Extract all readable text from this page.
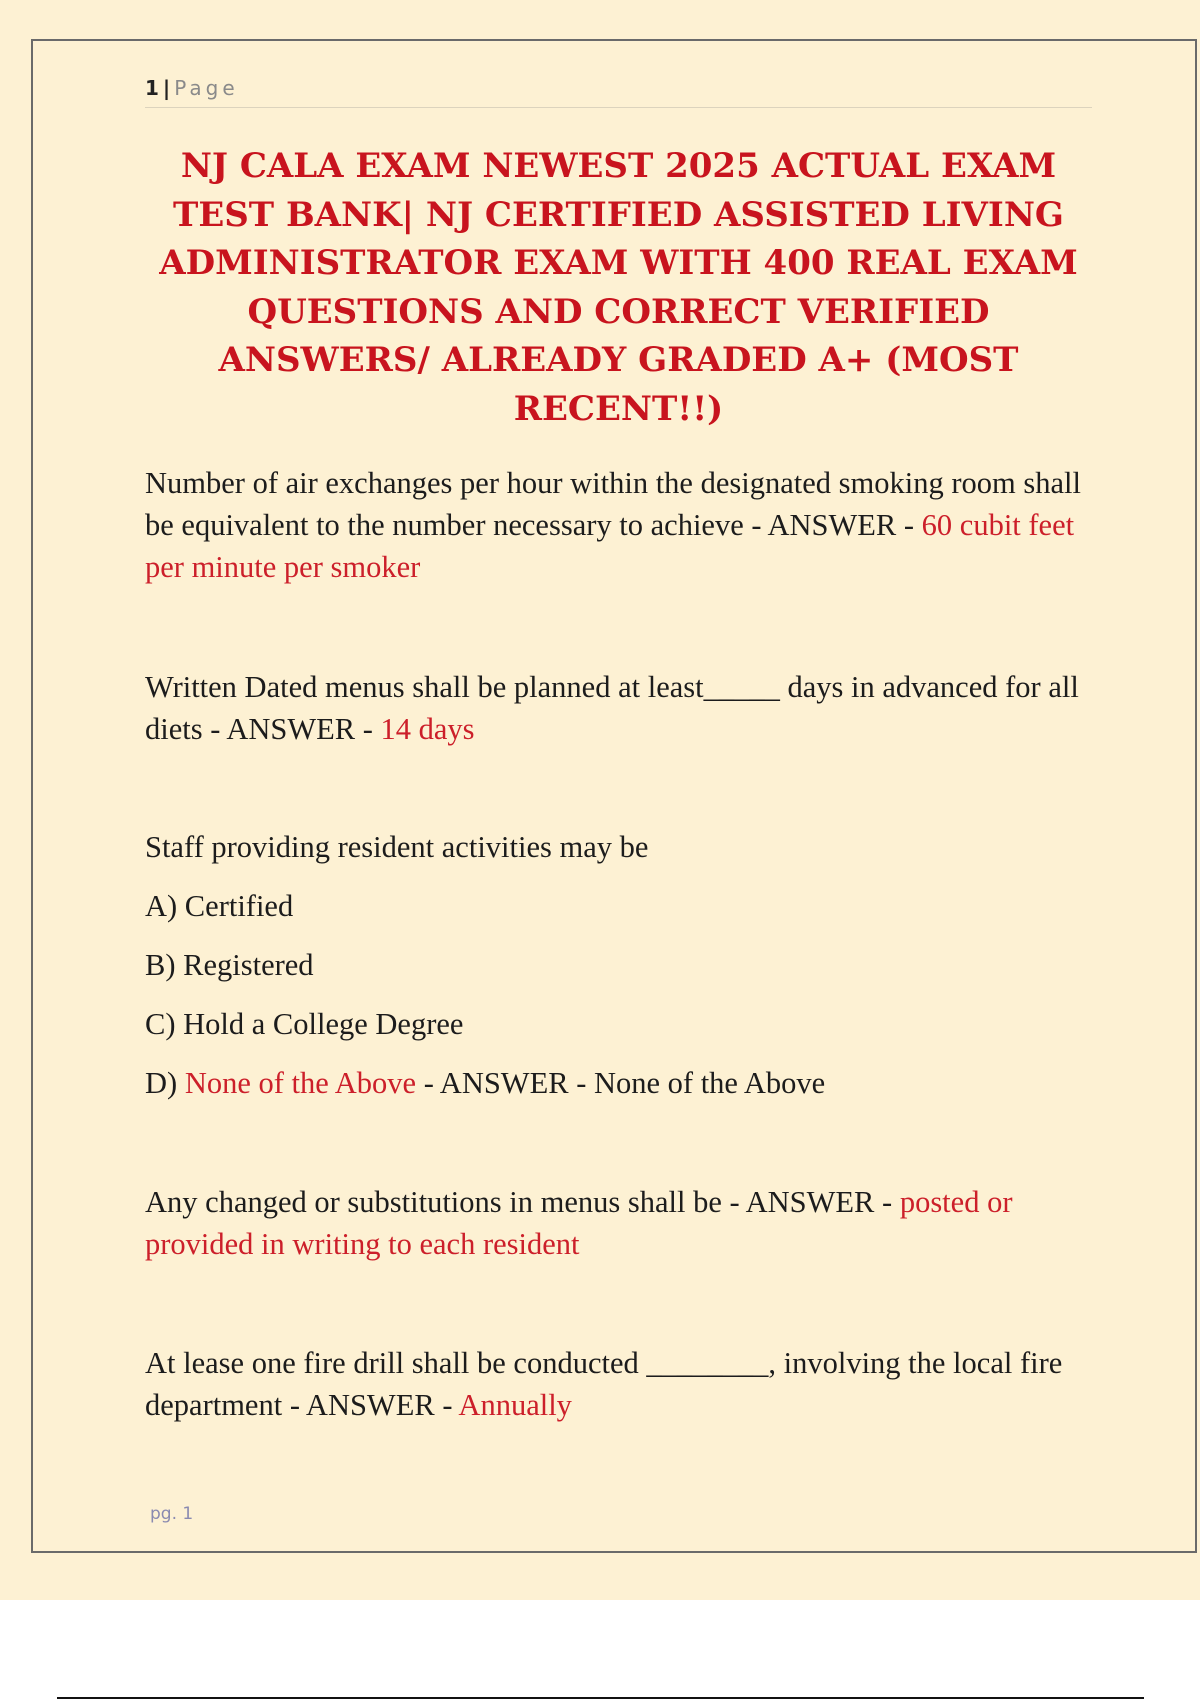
1 | Page
NJ CALA EXAM NEWEST 2025 ACTUAL EXAM TEST BANK| NJ CERTIFIED ASSISTED LIVING ADMINISTRATOR EXAM WITH 400 REAL EXAM QUESTIONS AND CORRECT VERIFIED ANSWERS/ ALREADY GRADED A+ (MOST RECENT!!)

Number of air exchanges per hour within the designated smoking room shall be equivalent to the number necessary to achieve - ANSWER - 60 cubit feet per minute per smoker

Written Dated menus shall be planned at least_____ days in advanced for all diets - ANSWER - 14 days

Staff providing resident activities may be
A) Certified
B) Registered
C) Hold a College Degree
D) None of the Above - ANSWER - None of the Above

Any changed or substitutions in menus shall be - ANSWER - posted or provided in writing to each resident

At lease one fire drill shall be conducted ________, involving the local fire department - ANSWER - Annually

pg. 1
